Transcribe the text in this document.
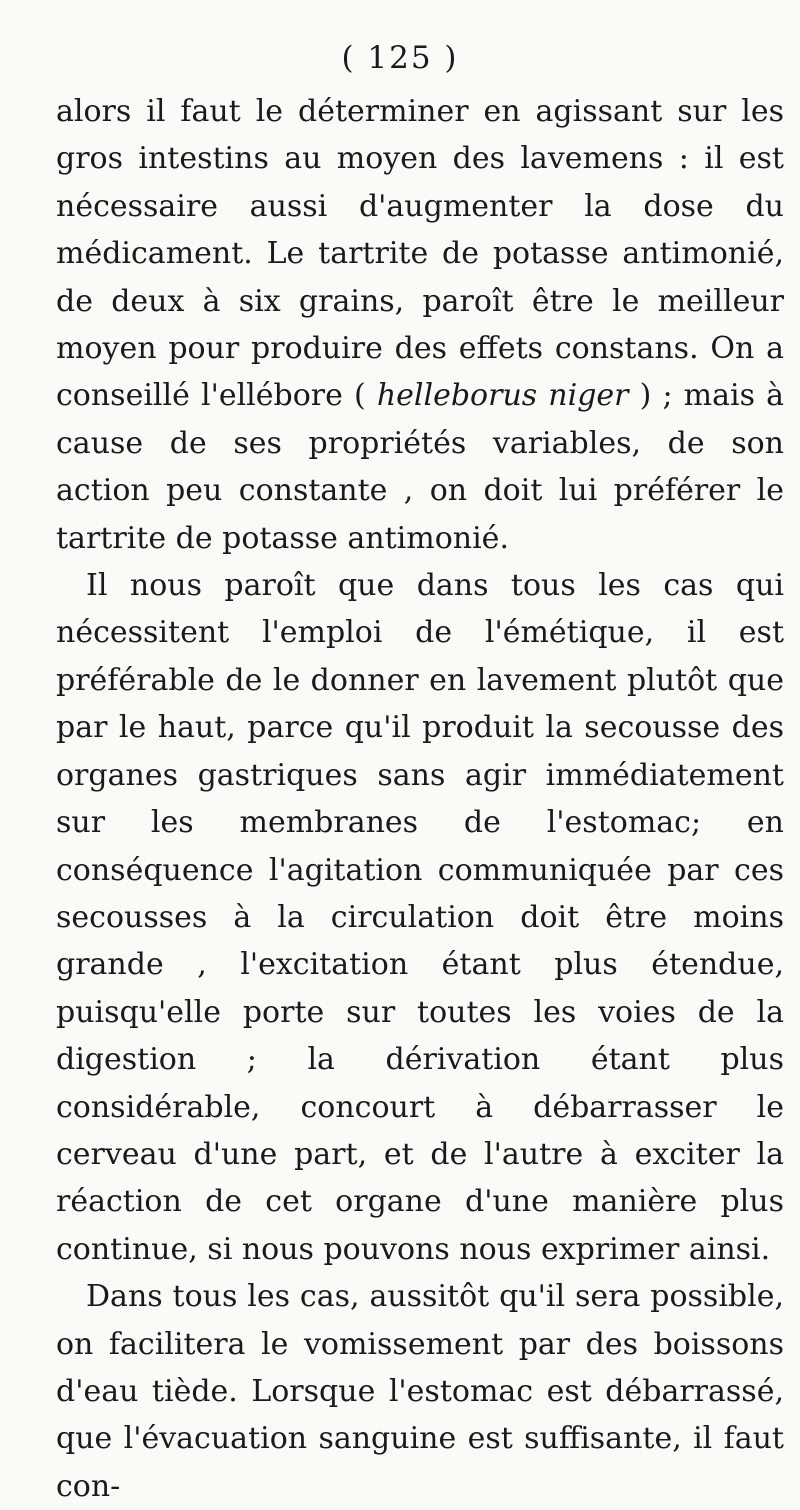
( 125 )

alors il faut le déterminer en agissant sur les gros intestins au moyen des lavemens : il est nécessaire aussi d'augmenter la dose du médicament. Le tartrite de potasse antimonié, de deux à six grains, paroît être le meilleur moyen pour produire des effets constans. On a conseillé l'ellébore ( helleborus niger ) ; mais à cause de ses propriétés variables, de son action peu constante , on doit lui préférer le tartrite de potasse antimonié.

Il nous paroît que dans tous les cas qui nécessitent l'emploi de l'émétique, il est préférable de le donner en lavement plutôt que par le haut, parce qu'il produit la secousse des organes gastriques sans agir immédiatement sur les membranes de l'estomac; en conséquence l'agitation communiquée par ces secousses à la circulation doit être moins grande , l'excitation étant plus étendue, puisqu'elle porte sur toutes les voies de la digestion ; la dérivation étant plus considérable, concourt à débarrasser le cerveau d'une part, et de l'autre à exciter la réaction de cet organe d'une manière plus continue, si nous pouvons nous exprimer ainsi.

Dans tous les cas, aussitôt qu'il sera possible, on facilitera le vomissement par des boissons d'eau tiède. Lorsque l'estomac est débarrassé, que l'évacuation sanguine est suffisante, il faut con-
